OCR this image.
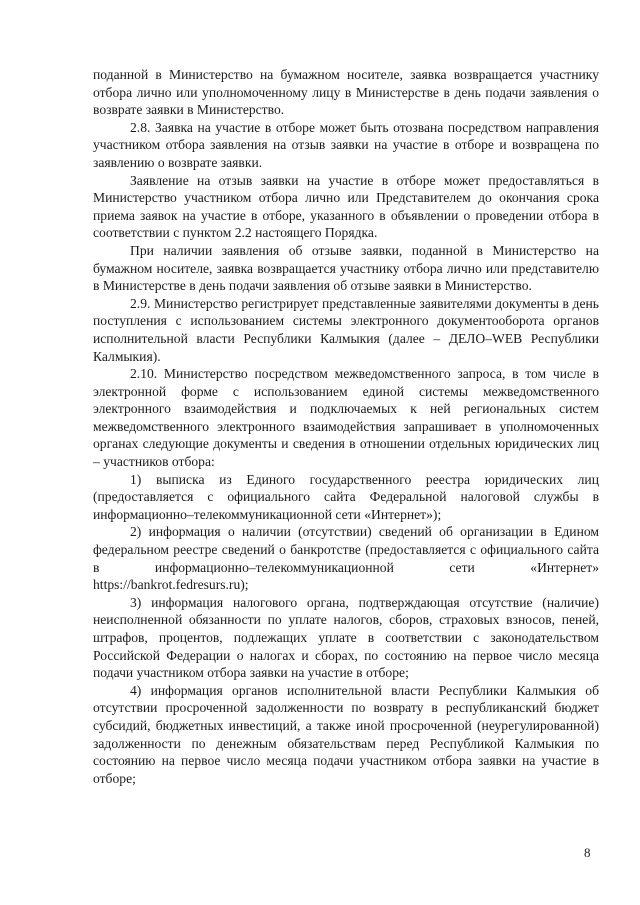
поданной в Министерство на бумажном носителе, заявка возвращается участнику отбора лично или уполномоченному лицу в Министерстве в день подачи заявления о возврате заявки в Министерство.

2.8. Заявка на участие в отборе может быть отозвана посредством направления участником отбора заявления на отзыв заявки на участие в отборе и возвращена по заявлению о возврате заявки.

Заявление на отзыв заявки на участие в отборе может предоставляться в Министерство участником отбора лично или Представителем до окончания срока приема заявок на участие в отборе, указанного в объявлении о проведении отбора в соответствии с пунктом 2.2 настоящего Порядка.

При наличии заявления об отзыве заявки, поданной в Министерство на бумажном носителе, заявка возвращается участнику отбора лично или представителю в Министерстве в день подачи заявления об отзыве заявки в Министерство.

2.9. Министерство регистрирует представленные заявителями документы в день поступления с использованием системы электронного документооборота органов исполнительной власти Республики Калмыкия (далее – ДЕЛО–WEB Республики Калмыкия).

2.10. Министерство посредством межведомственного запроса, в том числе в электронной форме с использованием единой системы межведомственного электронного взаимодействия и подключаемых к ней региональных систем межведомственного электронного взаимодействия запрашивает в уполномоченных органах следующие документы и сведения в отношении отдельных юридических лиц – участников отбора:

1) выписка из Единого государственного реестра юридических лиц (предоставляется с официального сайта Федеральной налоговой службы в информационно–телекоммуникационной сети «Интернет»);

2) информация о наличии (отсутствии) сведений об организации в Едином федеральном реестре сведений о банкротстве (предоставляется с официального сайта в информационно–телекоммуникационной сети «Интернет» https://bankrot.fedresurs.ru);

3) информация налогового органа, подтверждающая отсутствие (наличие) неисполненной обязанности по уплате налогов, сборов, страховых взносов, пеней, штрафов, процентов, подлежащих уплате в соответствии с законодательством Российской Федерации о налогах и сборах, по состоянию на первое число месяца подачи участником отбора заявки на участие в отборе;

4) информация органов исполнительной власти Республики Калмыкия об отсутствии просроченной задолженности по возврату в республиканский бюджет субсидий, бюджетных инвестиций, а также иной просроченной (неурегулированной) задолженности по денежным обязательствам перед Республикой Калмыкия по состоянию на первое число месяца подачи участником отбора заявки на участие в отборе;

8
